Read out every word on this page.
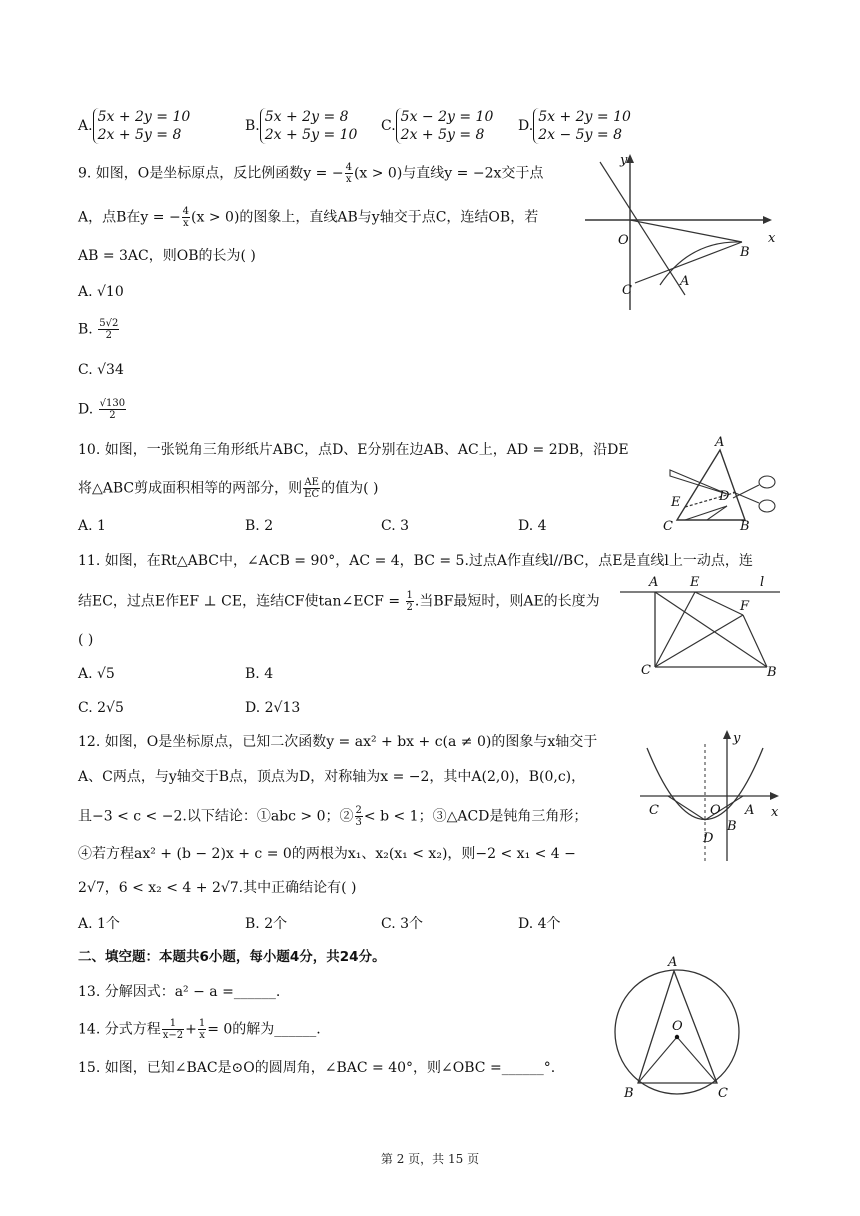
A.5x + 2y = 10
2x + 5y = 8
B.5x + 2y = 8
2x + 5y = 10
C.5x − 2y = 10
2x + 5y = 8
D.5x + 2y = 10
2x − 5y = 8
9. 如图，O是坐标原点，反比例函数y = − $\frac{4}{x} (x > 0)$与直线y = −2x交于点
A，点B在y = − $\frac{4}{x} (x > 0)$的图象上，直线AB与y轴交于点C，连结OB，若
AB = 3AC，则OB的长为( )
A. √10
B. $\frac{5√2}{2}$
C. √34
D. $\frac{√130}{2}$
y
x
O
B
C
A
10. 如图，一张锐角三角形纸片ABC，点D、E分别在边AB、AC上，AD = 2DB，沿DE
将△ABC剪成面积相等的两部分，则 $\frac{AE}{EC}$ 的值为( )
A. 1	B. 2	C. 3	D. 4
A
E	D
C	B
11. 如图，在Rt△ABC中，∠ACB = 90°，AC = 4，BC = 5.过点A作直线l//BC，点E是直线l上一动点，连
结EC，过点E作EF ⊥ CE，连结CF使tan∠ECF = $\frac{1}{2}$ .当BF最短时，则AE的长度为
( )
A. √5	B. 4
C. 2√5	D. 2√13
A E	l
F
C	B
12. 如图，O是坐标原点，已知二次函数y = ax² + bx + c(a ≠ 0)的图象与x轴交于
A、C两点，与y轴交于B点，顶点为D，对称轴为x = −2，其中A(2,0)，B(0,c)，
且−3 < c < −2.以下结论：①abc > 0；② $\frac{2}{3} < b < 1$；③△ACD是钝角三角形；
④若方程ax² + (b − 2)x + c = 0的两根为x₁、x₂(x₁ < x₂)，则−2 < x₁ < 4 −
2√7，6 < x₂ < 4 + 2√7.其中正确结论有( )
A. 1个	B. 2个	C. 3个	D. 4个
y
x
C	O A
D
B
二、填空题：本题共6小题，每小题4分，共24分。
13. 分解因式：a² − a =______.
14. 分式方程 $\frac{1}{x-2} + \frac{1}{x} = 0$的解为______.
15. 如图，已知∠BAC是⊙O的圆周角，∠BAC = 40°，则∠OBC =______°.
A
O
B	C
第 2 页，共 15 页
